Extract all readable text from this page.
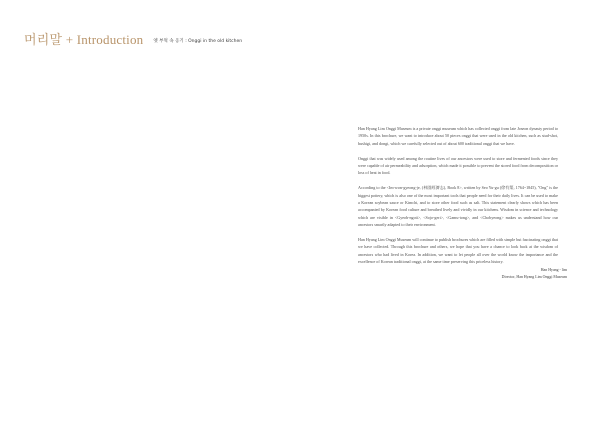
머리말 + Introduction 옛 부엌 속 옹기 : Onggi in the old kitchen

Han Hyang Lim Onggi Museum is a private onggi museum which has collected onggi from late Joseon dynasty period to 1950s. In this brochure, we want to introduce about 50 pieces onggi that were used in the old kitchen, such as stud-shot, bushigi, and dongi, which we carefully selected out of about 600 traditional onggi that we have.

Onggi that was widely used among the routine lives of our ancestors were used to store and fermented foods since they were capable of air permeability and adsorption, which made it possible to prevent the stored food from decomposition or loss of heat in food.

According to the <Im-won-gyeong-je, (林園經濟志), Book 8>, written by Seo Yu-gu (徐有榘, 1764~1845), "Ong" is the biggest pottery, which is also one of the most important tools that people need for their daily lives. It can be used to make a Korean soybean sauce or Kimchi, and to store other food such as salt. This statement clearly shows which has been accompanied by Korean food culture and breathed lively and vividly in our kitchens. Wisdom in science and technology which are visible in <Gyeob-ngoti>, <Sojo-geri>, <Gamu-tong>, and <Chobyeong> makes us understand how our ancestors smartly adapted to their environment.

Han Hyang Lim Onggi Museum will continue to publish brochures which are filled with simple but fascinating onggi that we have collected. Through this brochure and others, we hope that you have a chance to look back at the wisdom of ancestors who had lived in Korea. In addition, we want to let people all over the world know the importance and the excellence of Korean traditional onggi, at the same time preserving this priceless history.

Han Hyang - lim
Director, Han Hyang Lim Onggi Museum
